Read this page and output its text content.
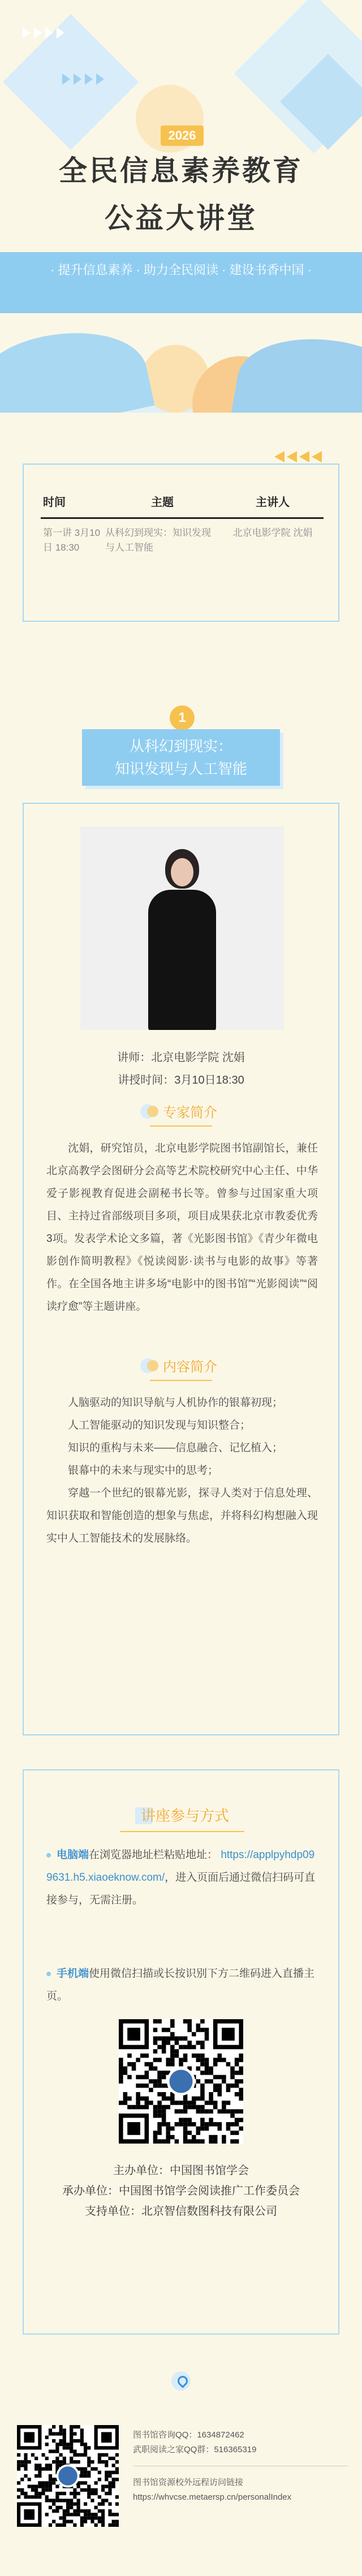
2026
全民信息素养教育
公益大讲堂
· 提升信息素养 · 助力全民阅读 · 建设书香中国 ·
时间	主题	主讲人
第一讲 3月10日 18:30	从科幻到现实：知识发现与人工智能	北京电影学院 沈娟
1
从科幻到现实：
知识发现与人工智能
讲师：北京电影学院 沈娟
讲授时间：3月10日18:30
专家简介

沈娟，研究馆员，北京电影学院图书馆副馆长，兼任北京高教学会图研分会高等艺术院校研究中心主任、中华爱子影视教育促进会副秘书长等。曾参与过国家重大项目、主持过省部级项目多项，项目成果获北京市教委优秀3项。发表学术论文多篇，著《光影图书馆》《青少年微电影创作简明教程》《悦读阅影·读书与电影的故事》等著作。在全国各地主讲多场“电影中的图书馆”“光影阅读”“阅读疗愈”等主题讲座。

内容简介

人脑驱动的知识导航与人机协作的银幕初现；

人工智能驱动的知识发现与知识整合；

知识的重构与未来——信息融合、记忆植入；

银幕中的未来与现实中的思考；

穿越一个世纪的银幕光影，探寻人类对于信息处理、知识获取和智能创造的想象与焦虑，并将科幻构想融入现实中人工智能技术的发展脉络。

讲座参与方式
电脑端在浏览器地址栏粘贴地址： https://applpyhdp099631.h5.xiaoeknow.com/，进入页面后通过微信扫码可直接参与，无需注册。
手机端使用微信扫描或长按识别下方二维码进入直播主页。
主办单位：中国图书馆学会
承办单位：中国图书馆学会阅读推广工作委员会
支持单位：北京智信数图科技有限公司
图书馆咨询QQ：1634872462
武职阅读之家QQ群：516365319
图书馆资源校外远程访问链接
https://whvcse.metaersp.cn/personalIndex
